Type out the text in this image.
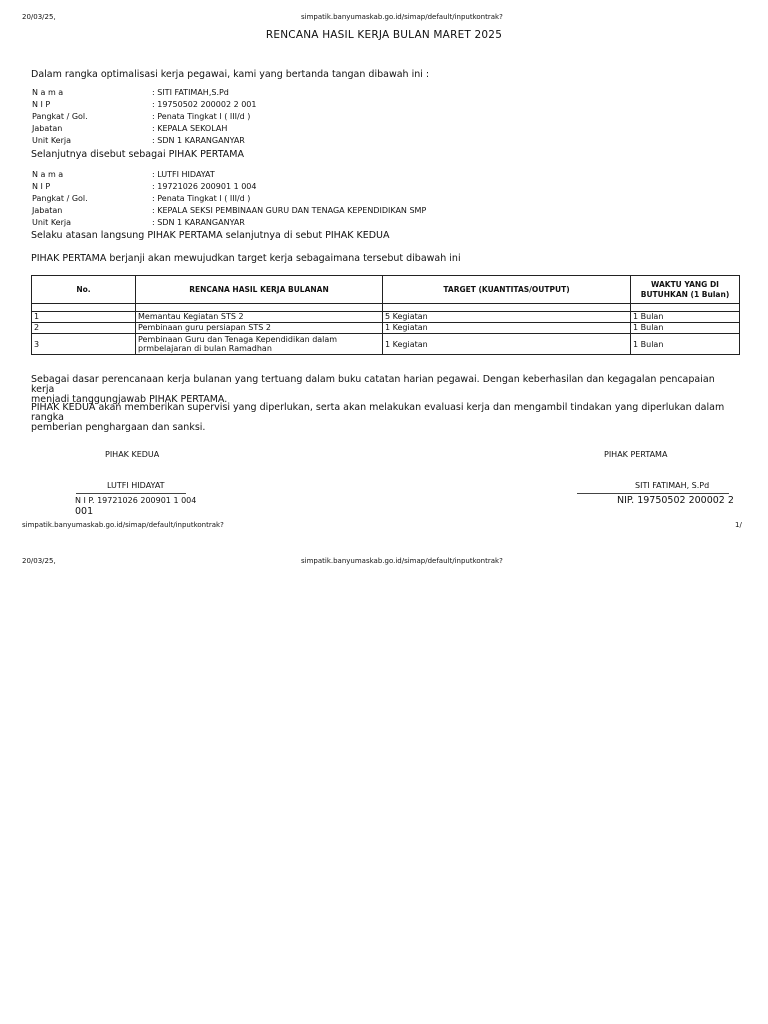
20/03/25,	simpatik.banyumaskab.go.id/simap/default/inputkontrak?
RENCANA HASIL KERJA BULAN MARET 2025
Dalam rangka optimalisasi kerja pegawai, kami yang bertanda tangan dibawah ini :
N a m a	: SITI FATIMAH,S.Pd
N I P	: 19750502 200002 2 001
Pangkat / Gol.	: Penata Tingkat I ( III/d )
Jabatan	: KEPALA SEKOLAH
Unit Kerja	: SDN 1 KARANGANYAR
Selanjutnya disebut sebagai PIHAK PERTAMA
N a m a	: LUTFI HIDAYAT
N I P	: 19721026 200901 1 004
Pangkat / Gol.	: Penata Tingkat I ( III/d )
Jabatan	: KEPALA SEKSI PEMBINAAN GURU DAN TENAGA KEPENDIDIKAN SMP
Unit Kerja	: SDN 1 KARANGANYAR
Selaku atasan langsung PIHAK PERTAMA selanjutnya di sebut PIHAK KEDUA
PIHAK PERTAMA berjanji akan mewujudkan target kerja sebagaimana tersebut dibawah ini
No.	RENCANA HASIL KERJA BULANAN	TARGET (KUANTITAS/OUTPUT)	WAKTU YANG DI
BUTUHKAN (1 Bulan)

1	Memantau Kegiatan STS 2	5 Kegiatan	1 Bulan
2	Pembinaan guru persiapan STS 2	1 Kegiatan	1 Bulan
3	Pembinaan Guru dan Tenaga Kependidikan dalam
prmbelajaran di bulan Ramadhan	1 Kegiatan	1 Bulan
Sebagai dasar perencanaan kerja bulanan yang tertuang dalam buku catatan harian pegawai. Dengan keberhasilan dan kegagalan pencapaian kerja
menjadi tanggungjawab PIHAK PERTAMA.
PIHAK KEDUA akan memberikan supervisi yang diperlukan, serta akan melakukan evaluasi kerja dan mengambil tindakan yang diperlukan dalam rangka
pemberian penghargaan dan sanksi.
PIHAK KEDUA
LUTFI HIDAYAT
N I P. 19721026 200901 1 004
001
PIHAK PERTAMA
SITI FATIMAH, S.Pd
NIP. 19750502 200002 2
simpatik.banyumaskab.go.id/simap/default/inputkontrak?	1/
20/03/25,	simpatik.banyumaskab.go.id/simap/default/inputkontrak?
